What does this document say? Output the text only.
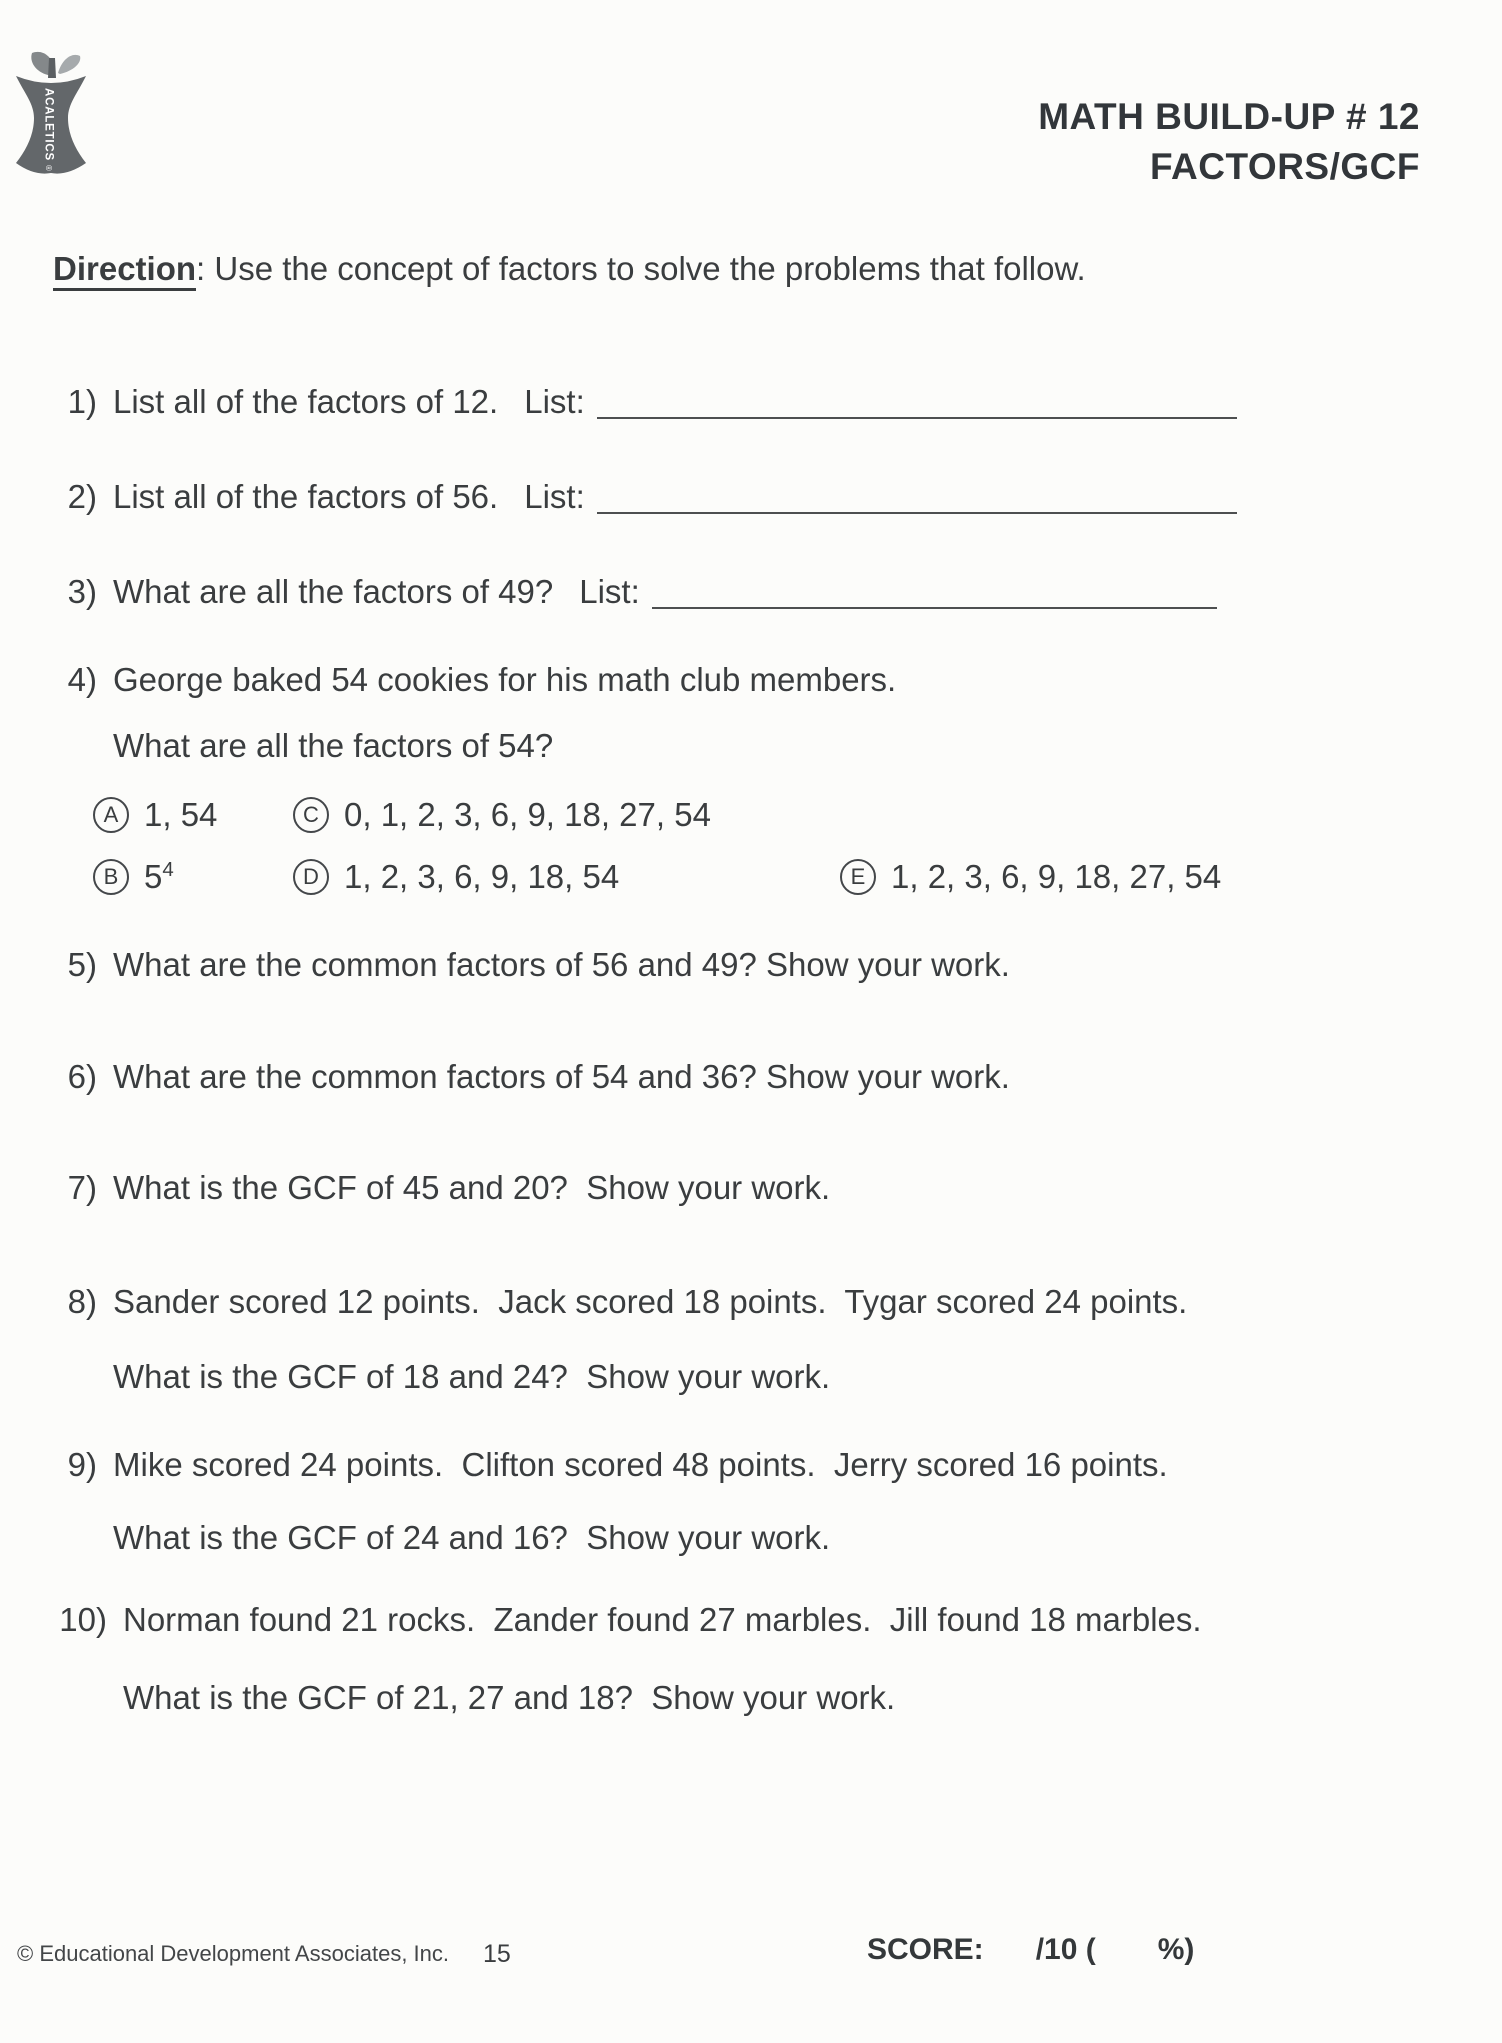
ACALETICS
®
MATH BUILD-UP # 12
FACTORS/GCF
Direction: Use the concept of factors to solve the problems that follow.
1) List all of the factors of 12. List:
2) List all of the factors of 56. List:
3) What are all the factors of 49? List:
4) George baked 54 cookies for his math club members.
What are all the factors of 54?
A 1, 54	C 0, 1, 2, 3, 6, 9, 18, 27, 54
B $5^4$	D 1, 2, 3, 6, 9, 18, 54	E 1, 2, 3, 6, 9, 18, 27, 54
5) What are the common factors of 56 and 49? Show your work.
6) What are the common factors of 54 and 36? Show your work.
7) What is the GCF of 45 and 20?  Show your work.
8) Sander scored 12 points.  Jack scored 18 points.  Tygar scored 24 points.
What is the GCF of 18 and 24?  Show your work.
9) Mike scored 24 points.  Clifton scored 48 points.  Jerry scored 16 points.
What is the GCF of 24 and 16?  Show your work.
10) Norman found 21 rocks.  Zander found 27 marbles.  Jill found 18 marbles.
What is the GCF of 21, 27 and 18?  Show your work.
© Educational Development Associates, Inc. 15	SCORE: /10 ( %)
